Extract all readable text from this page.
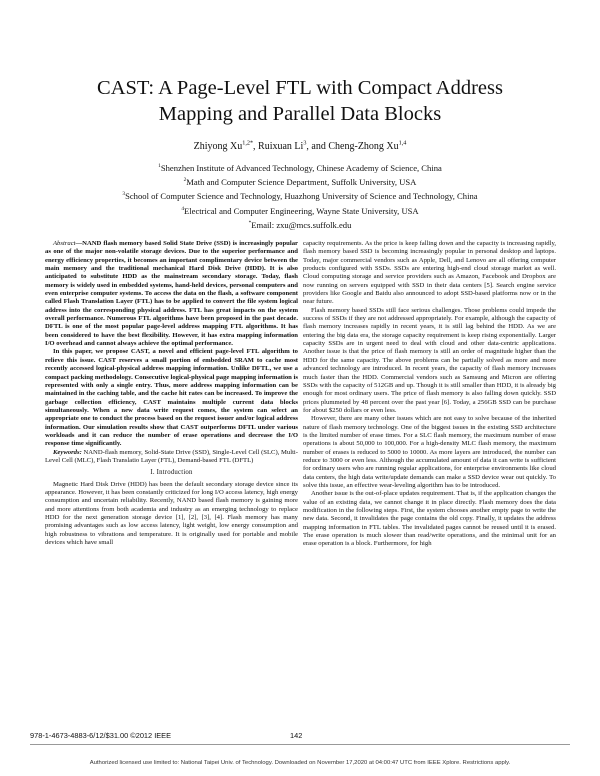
CAST: A Page-Level FTL with Compact Address
Mapping and Parallel Data Blocks
Zhiyong $Xu^{1,2*}$, Ruixuan Li$^3$, and Cheng-Zhong Xu$^{1,4}$
$^1$Shenzhen Institute of Advanced Technology, Chinese Academy of Science, China
$^2$Math and Computer Science Department, Suffolk University, USA
$^3$School of Computer Science and Technology, Huazhong University of Science and Technology, China
$^4$Electrical and Computer Engineering, Wayne State University, USA
*Email: zxu@mcs.suffolk.edu

Abstract—NAND flash memory based Solid State Drive (SSD) is increasingly popular as one of the major non-volatile storage devices. Due to the superior performance and energy efficiency properties, it becomes an important complimentary device between the main memory and the traditional mechanical Hard Disk Drive (HDD). It is also anticipated to substitute HDD as the mainstream secondary storage. Today, flash memory is widely used in embedded systems, hand-held devices, personal computers and even enterprise computer systems. To access the data on the flash, a software component called Flash Translation Layer (FTL) has to be applied to convert the file system logical address into the corresponding physical address. FTL has great impacts on the system overall performance. Numerous FTL algorithms have been proposed in the past decade. DFTL is one of the most popular page-level address mapping FTL algorithms. It has been considered to have the best flexibility. However, it has extra mapping information I/O overhead and cannot always achieve the optimal performance.

In this paper, we propose CAST, a novel and efficient page-level FTL algorithm to relieve this issue. CAST reserves a small portion of embedded SRAM to cache most recently accessed logical-physical address mapping information. Unlike DFTL, we use a compact packing methodology. Consecutive logical-physical page mapping information is represented with only a single entry. Thus, more address mapping information can be maintained in the caching table, and the cache hit rates can be increased. To improve the garbage collection efficiency, CAST maintains multiple current data blocks simultaneously. When a new data write request comes, the system can select an appropriate one to conduct the process based on the request issuer and/or logical address information. Our simulation results show that CAST outperforms DFTL under various workloads and it can reduce the number of erase operations and decrease the I/O response time significantly.

Keywords: NAND-flash memory, Solid-State Drive (SSD), Single-Level Cell (SLC), Multi-Level Cell (MLC), Flash Translatio Layer (FTL), Demand-based FTL (DFTL)

I. Introduction

Magnetic Hard Disk Drive (HDD) has been the default secondary storage device since its appearance. However, it has been constantly criticized for long I/O access latency, high energy consumption and uncertain reliability. Recently, NAND based flash memory is gaining more and more attentions from both academia and industry as an emerging technology to replace HDD for the next generation storage device [1], [2], [3], [4]. Flash memory has many promising advantages such as low access latency, light weight, low energy consumption and high robustness to vibrations and temperature. It is originally used for portable and mobile devices which have small

capacity requirements. As the price is keep falling down and the capacity is increasing rapidly, flash memory based SSD is becoming increasingly popular in personal desktop and laptops. Today, major commercial vendors such as Apple, Dell, and Lenovo are all offering computer products configured with SSDs. SSDs are entering high-end cloud storage market as well. Cloud computing storage and service providers such as Amazon, Facebook and Dropbox are now running on servers equipped with SSD in their data centers [5]. Search engine service providers like Google and Baidu also announced to adopt SSD-based platforms now or in the near future.

Flash memory based SSDs still face serious challenges. Those problems could impede the success of SSDs if they are not addressed appropriately. For example, although the capacity of flash memory increases rapidly in recent years, it is still lag behind the HDD. As we are entering the big data era, the storage capacity requirement is keep rising exponentially. Larger capacity SSDs are in urgent need to deal with cloud and other data-centric applications. Another issue is that the price of flash memory is still an order of magnitude higher than the HDD for the same capacity. The above problems can be partially solved as more and more advanced technology are introduced. In recent years, the capacity of flash memory increases much faster than the HDD. Commercial vendors such as Samsung and Micron are offering SSDs with the capacity of 512GB and up. Though it is still smaller than HDD, it is already big enough for most ordinary users. The price of flash memory is also falling down quickly. SSD prices plummeted by 48 percent over the past year [6]. Today, a 256GB SSD can be purchase for about $250 dollars or even less.

However, there are many other issues which are not easy to solve because of the inherited nature of flash memory technology. One of the biggest issues in the existing SSD architecture is the limited number of erase times. For a SLC flash memory, the maximum number of erase operations is about 50,000 to 100,000. For a high-density MLC flash memory, the maximum number of erases is reduced to 5000 to 10000. As more layers are introduced, the number can reduce to 3000 or even less. Although the accumulated amount of data it can write is sufficient for ordinary users who are running regular applications, for enterprise environments like cloud data centers, the high data write/update demands can make a SSD device wear out quickly. To solve this issue, an effective wear-leveling algorithm has to be introduced.

Another issue is the out-of-place updates requirement. That is, if the application changes the value of an existing data, we cannot change it in place directly. Flash memory does the data modification in the following steps. First, the system chooses another empty page to write the new data. Second, it invalidates the page contains the old copy. Finally, it updates the address mapping information in FTL tables. The invalidated pages cannot be reused until it is erased. The erase operation is much slower than read/write operations, and the minimal unit for an erase operation is a block. Furthermore, for high

978-1-4673-4883-6/12/$31.00 ©2012 IEEE	142
Authorized licensed use limited to: National Taipei Univ. of Technology. Downloaded on November 17,2020 at 04:00:47 UTC from IEEE Xplore. Restrictions apply.
